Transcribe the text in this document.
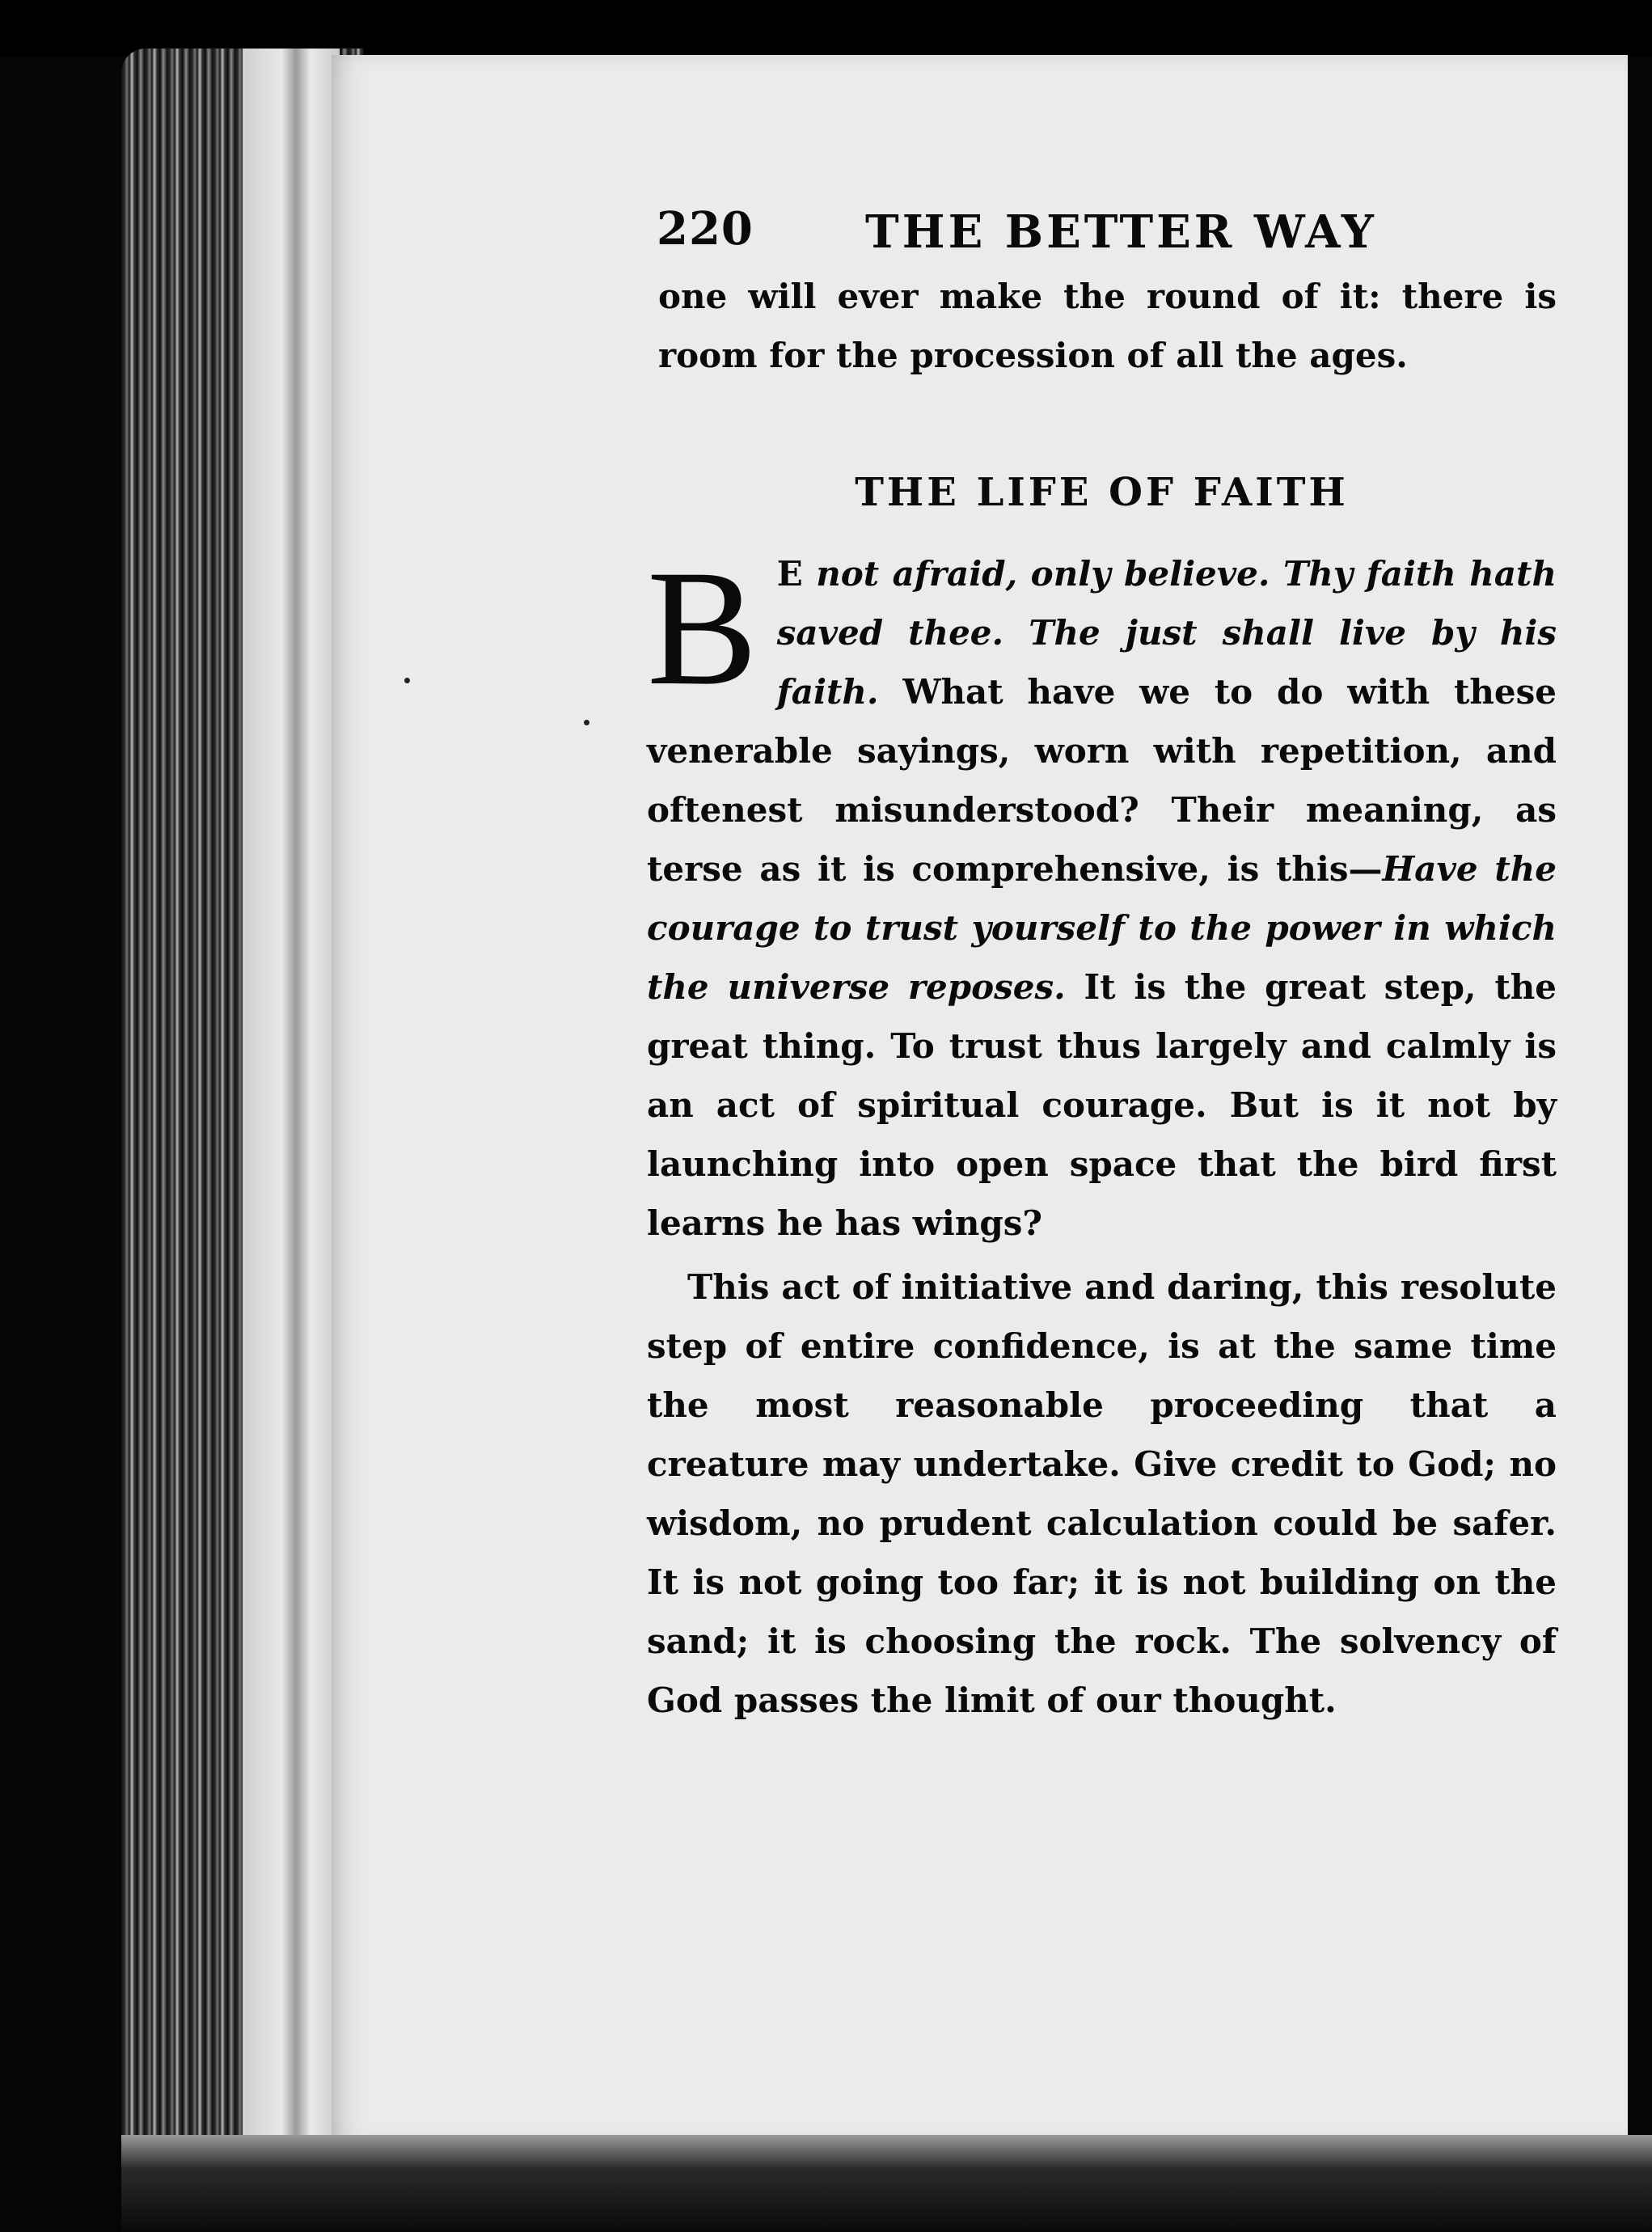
220 THE BETTER WAY

one will ever make the round of it: there is room for the procession of all the ages.

THE LIFE OF FAITH

B E not afraid, only believe. Thy faith hath saved thee. The just shall live by his faith. What have we to do with these venerable sayings, worn with repetition, and oftenest misunderstood? Their meaning, as terse as it is comprehensive, is this—Have the courage to trust yourself to the power in which the universe reposes. It is the great step, the great thing. To trust thus largely and calmly is an act of spiritual courage. But is it not by launching into open space that the bird first learns he has wings?

This act of initiative and daring, this resolute step of entire confidence, is at the same time the most reasonable proceeding that a creature may undertake. Give credit to God; no wisdom, no prudent calculation could be safer. It is not going too far; it is not building on the sand; it is choosing the rock. The solvency of God passes the limit of our thought.
